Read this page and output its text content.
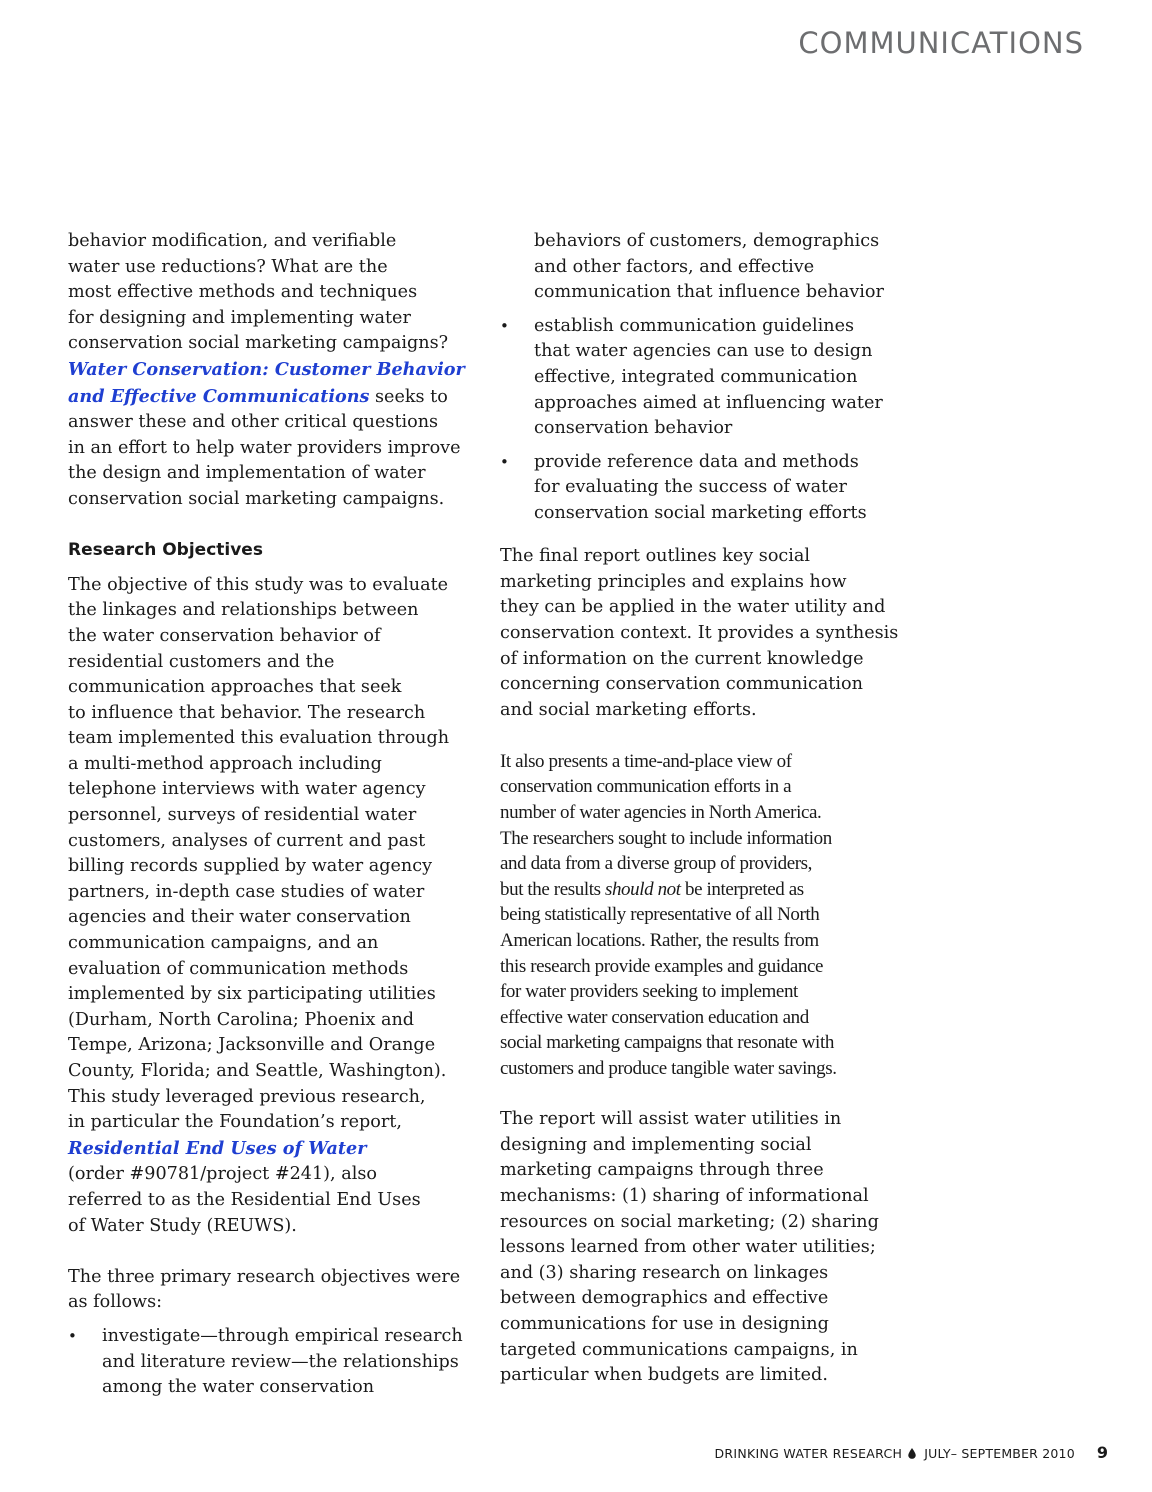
COMMUNICATIONS
behavior modification, and verifiable
water use reductions? What are the
most effective methods and techniques
for designing and implementing water
conservation social marketing campaigns?
Water Conservation: Customer Behavior
and Effective Communications seeks to
answer these and other critical questions
in an effort to help water providers improve
the design and implementation of water
conservation social marketing campaigns.
Research Objectives
The objective of this study was to evaluate
the linkages and relationships between
the water conservation behavior of
residential customers and the
communication approaches that seek
to influence that behavior. The research
team implemented this evaluation through
a multi-method approach including
telephone interviews with water agency
personnel, surveys of residential water
customers, analyses of current and past
billing records supplied by water agency
partners, in-depth case studies of water
agencies and their water conservation
communication campaigns, and an
evaluation of communication methods
implemented by six participating utilities
(Durham, North Carolina; Phoenix and
Tempe, Arizona; Jacksonville and Orange
County, Florida; and Seattle, Washington).
This study leveraged previous research,
in particular the Foundation’s report,
Residential End Uses of Water
(order #90781/project #241), also
referred to as the Residential End Uses
of Water Study (REUWS).
The three primary research objectives were
as follows:
• investigate—through empirical research
and literature review—the relationships
among the water conservation
behaviors of customers, demographics
and other factors, and effective
communication that influence behavior
• establish communication guidelines
that water agencies can use to design
effective, integrated communication
approaches aimed at influencing water
conservation behavior
• provide reference data and methods
for evaluating the success of water
conservation social marketing efforts
The final report outlines key social
marketing principles and explains how
they can be applied in the water utility and
conservation context. It provides a synthesis
of information on the current knowledge
concerning conservation communication
and social marketing efforts.
It also presents a time-and-place view of
conservation communication efforts in a
number of water agencies in North America.
The researchers sought to include information
and data from a diverse group of providers,
but the results should not be interpreted as
being statistically representative of all North
American locations. Rather, the results from
this research provide examples and guidance
for water providers seeking to implement
effective water conservation education and
social marketing campaigns that resonate with
customers and produce tangible water savings.
The report will assist water utilities in
designing and implementing social
marketing campaigns through three
mechanisms: (1) sharing of informational
resources on social marketing; (2) sharing
lessons learned from other water utilities;
and (3) sharing research on linkages
between demographics and effective
communications for use in designing
targeted communications campaigns, in
particular when budgets are limited.
DRINKING WATER RESEARCH JULY– SEPTEMBER 2010 9
